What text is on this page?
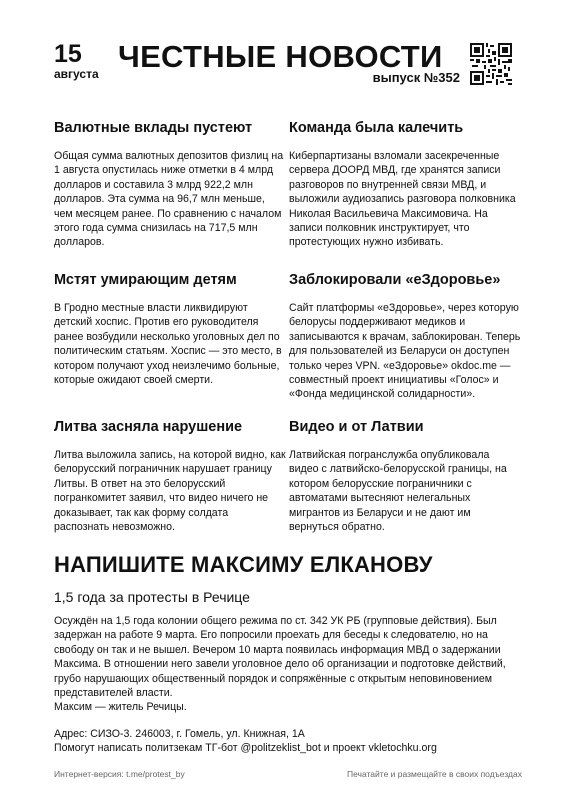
15
августа ЧЕСТНЫЕ НОВОСТИ
выпуск №352
Валютные вклады пустеют

Общая сумма валютных депозитов физлиц на 1 августа опустилась ниже отметки в 4 млрд долларов и составила 3 млрд 922,2 млн долларов. Эта сумма на 96,7 млн меньше, чем месяцем ранее. По сравнению с началом этого года сумма снизилась на 717,5 млн долларов.

Команда была калечить

Киберпартизаны взломали засекреченные сервера ДООРД МВД, где хранятся записи разговоров по внутренней связи МВД, и выложили аудиозапись разговора полковника Николая Васильевича Максимовича. На записи полковник инструктирует, что протестующих нужно избивать.

Мстят умирающим детям

В Гродно местные власти ликвидируют детский хоспис. Против его руководителя ранее возбудили несколько уголовных дел по политическим статьям. Хоспис — это место, в котором получают уход неизлечимо больные, которые ожидают своей смерти.

Заблокировали «еЗдоровье»

Сайт платформы «еЗдоровье», через которую белорусы поддерживают медиков и записываются к врачам, заблокирован. Теперь для пользователей из Беларуси он доступен только через VPN. «еЗдоровье» okdoc.me — совместный проект инициативы «Голос» и «Фонда медицинской солидарности».

Литва засняла нарушение

Литва выложила запись, на которой видно, как белорусский пограничник нарушает границу Литвы. В ответ на это белорусский погранкомитет заявил, что видео ничего не доказывает, так как форму солдата распознать невозможно.

Видео и от Латвии

Латвийская погранслужба опубликовала видео с латвийско-белорусской границы, на котором белорусские пограничники с автоматами вытесняют нелегальных мигрантов из Беларуси и не дают им вернуться обратно.

НАПИШИТЕ МАКСИМУ ЕЛКАНОВУ
1,5 года за протесты в Речице

Осуждён на 1,5 года колонии общего режима по ст. 342 УК РБ (групповые действия). Был задержан на работе 9 марта. Его попросили проехать для беседы к следователю, но на свободу он так и не вышел. Вечером 10 марта появилась информация МВД о задержании Максима. В отношении него завели уголовное дело об организации и подготовке действий, грубо нарушающих общественный порядок и сопряжённые с открытым неповиновением представителей власти.
Максим — житель Речицы.

Адрес: СИЗО-3. 246003, г. Гомель, ул. Книжная, 1А
Помогут написать политзекам ТГ-бот @politzeklist_bot и проект vkletochku.org

Интернет-версия: t.me/protest_by	Печатайте и размещайте в своих подъездах
